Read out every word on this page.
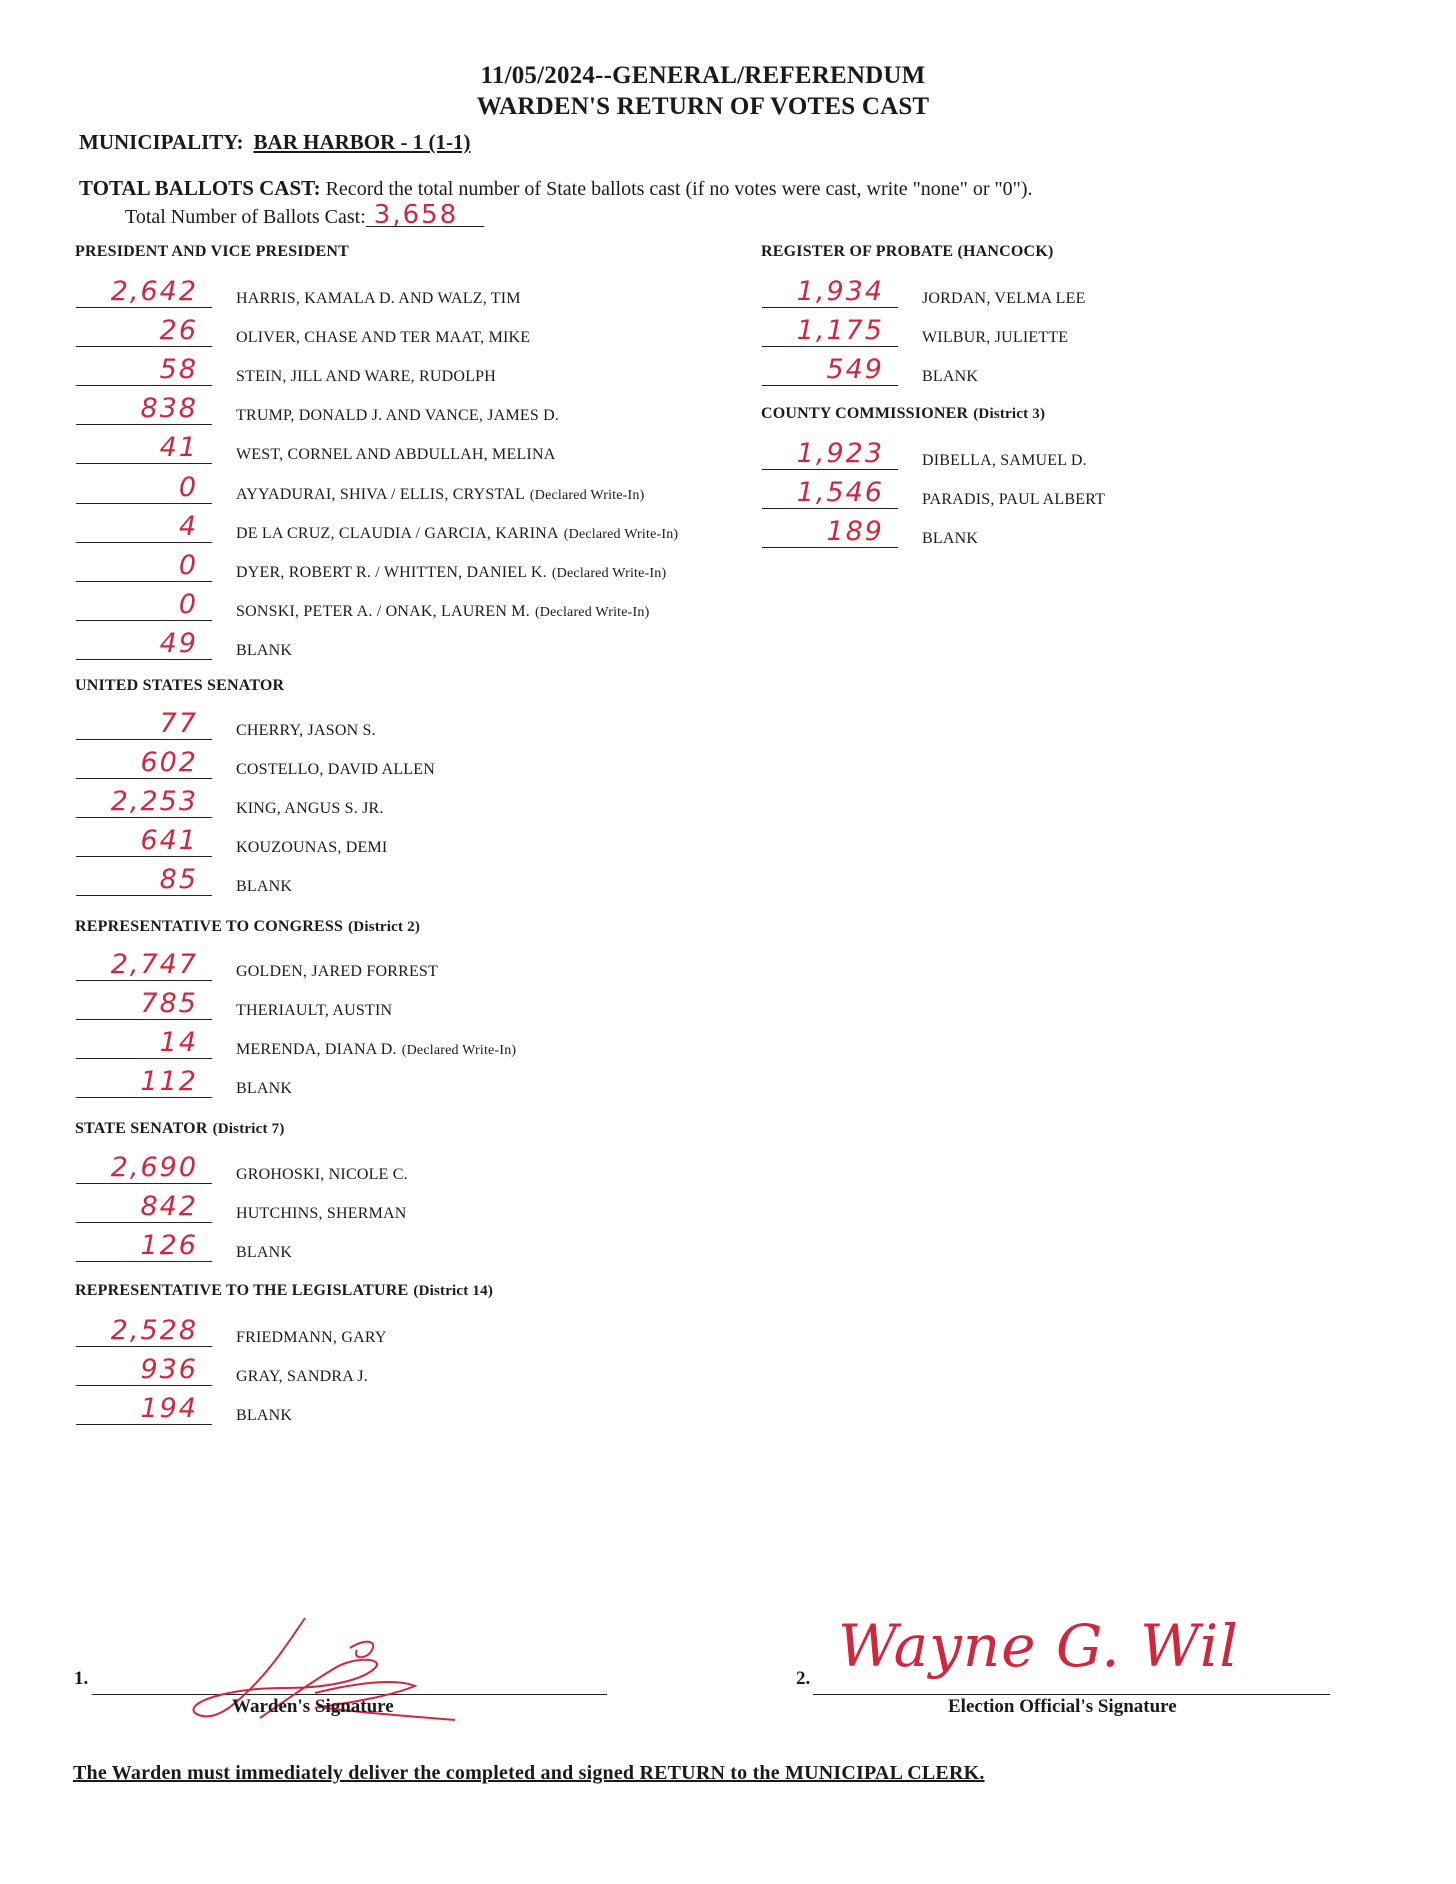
11/05/2024--GENERAL/REFERENDUM
WARDEN'S RETURN OF VOTES CAST
MUNICIPALITY: BAR HARBOR - 1 (1-1)
TOTAL BALLOTS CAST: Record the total number of State ballots cast (if no votes were cast, write "none" or "0").
Total Number of Ballots Cast: 3,658
PRESIDENT AND VICE PRESIDENT
2,642	HARRIS, KAMALA D. AND WALZ, TIM
26	OLIVER, CHASE AND TER MAAT, MIKE
58	STEIN, JILL AND WARE, RUDOLPH
838	TRUMP, DONALD J. AND VANCE, JAMES D.
41	WEST, CORNEL AND ABDULLAH, MELINA
0	AYYADURAI, SHIVA / ELLIS, CRYSTAL (Declared Write-In)
4	DE LA CRUZ, CLAUDIA / GARCIA, KARINA (Declared Write-In)
0	DYER, ROBERT R. / WHITTEN, DANIEL K. (Declared Write-In)
0	SONSKI, PETER A. / ONAK, LAUREN M. (Declared Write-In)
49	BLANK
UNITED STATES SENATOR
77	CHERRY, JASON S.
602	COSTELLO, DAVID ALLEN
2,253	KING, ANGUS S. JR.
641	KOUZOUNAS, DEMI
85	BLANK
REPRESENTATIVE TO CONGRESS (District 2)
2,747	GOLDEN, JARED FORREST
785	THERIAULT, AUSTIN
14	MERENDA, DIANA D. (Declared Write-In)
112	BLANK
STATE SENATOR (District 7)
2,690	GROHOSKI, NICOLE C.
842	HUTCHINS, SHERMAN
126	BLANK
REPRESENTATIVE TO THE LEGISLATURE (District 14)
2,528	FRIEDMANN, GARY
936	GRAY, SANDRA J.
194	BLANK
REGISTER OF PROBATE (HANCOCK)
1,934	JORDAN, VELMA LEE
1,175	WILBUR, JULIETTE
549	BLANK
COUNTY COMMISSIONER (District 3)
1,923	DIBELLA, SAMUEL D.
1,546	PARADIS, PAUL ALBERT
189	BLANK
1.
Warden's Signature
2. Wayne G. Wil
Election Official's Signature
The Warden must immediately deliver the completed and signed RETURN to the MUNICIPAL CLERK.
